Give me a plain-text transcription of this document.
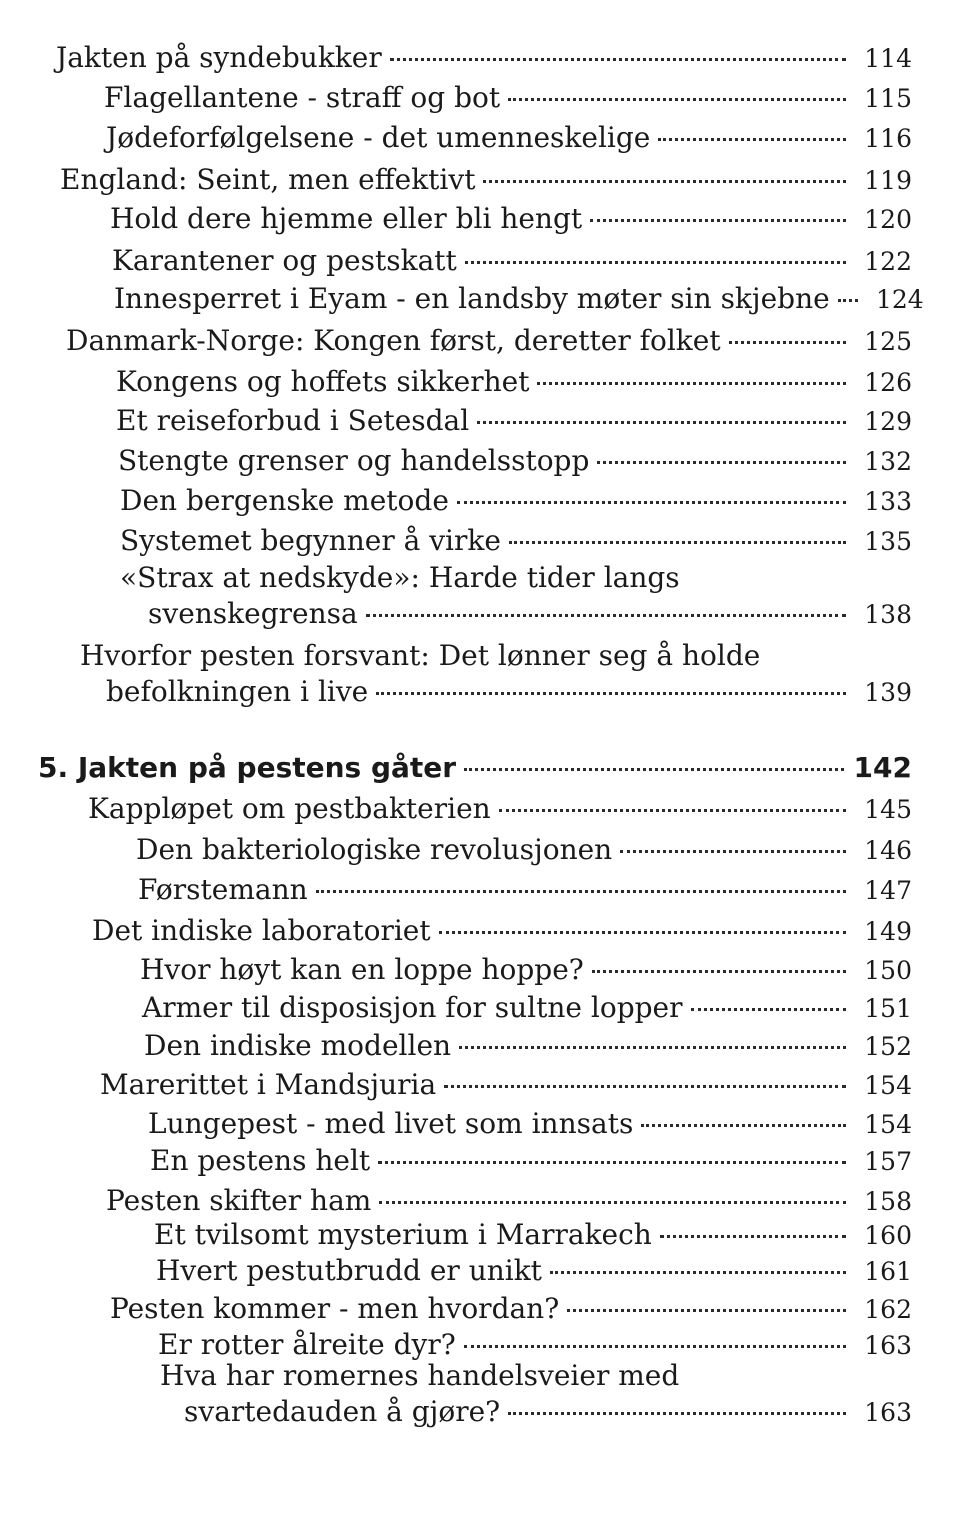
Jakten på syndebukker	114
Flagellantene - straff og bot	115
Jødeforfølgelsene - det umenneskelige	116
England: Seint, men effektivt	119
Hold dere hjemme eller bli hengt	120
Karantener og pestskatt	122
Innesperret i Eyam - en landsby møter sin skjebne	124
Danmark-Norge: Kongen først, deretter folket	125
Kongens og hoffets sikkerhet	126
Et reiseforbud i Setesdal	129
Stengte grenser og handelsstopp	132
Den bergenske metode	133
Systemet begynner å virke	135
«Strax at nedskyde»: Harde tider langs
svenskegrensa	138
Hvorfor pesten forsvant: Det lønner seg å holde
befolkningen i live	139
5. Jakten på pestens gåter	142
Kappløpet om pestbakterien	145
Den bakteriologiske revolusjonen	146
Førstemann	147
Det indiske laboratoriet	149
Hvor høyt kan en loppe hoppe?	150
Armer til disposisjon for sultne lopper	151
Den indiske modellen	152
Marerittet i Mandsjuria	154
Lungepest - med livet som innsats	154
En pestens helt	157
Pesten skifter ham	158
Et tvilsomt mysterium i Marrakech	160
Hvert pestutbrudd er unikt	161
Pesten kommer - men hvordan?	162
Er rotter ålreite dyr?	163
Hva har romernes handelsveier med
svartedauden å gjøre?	163
